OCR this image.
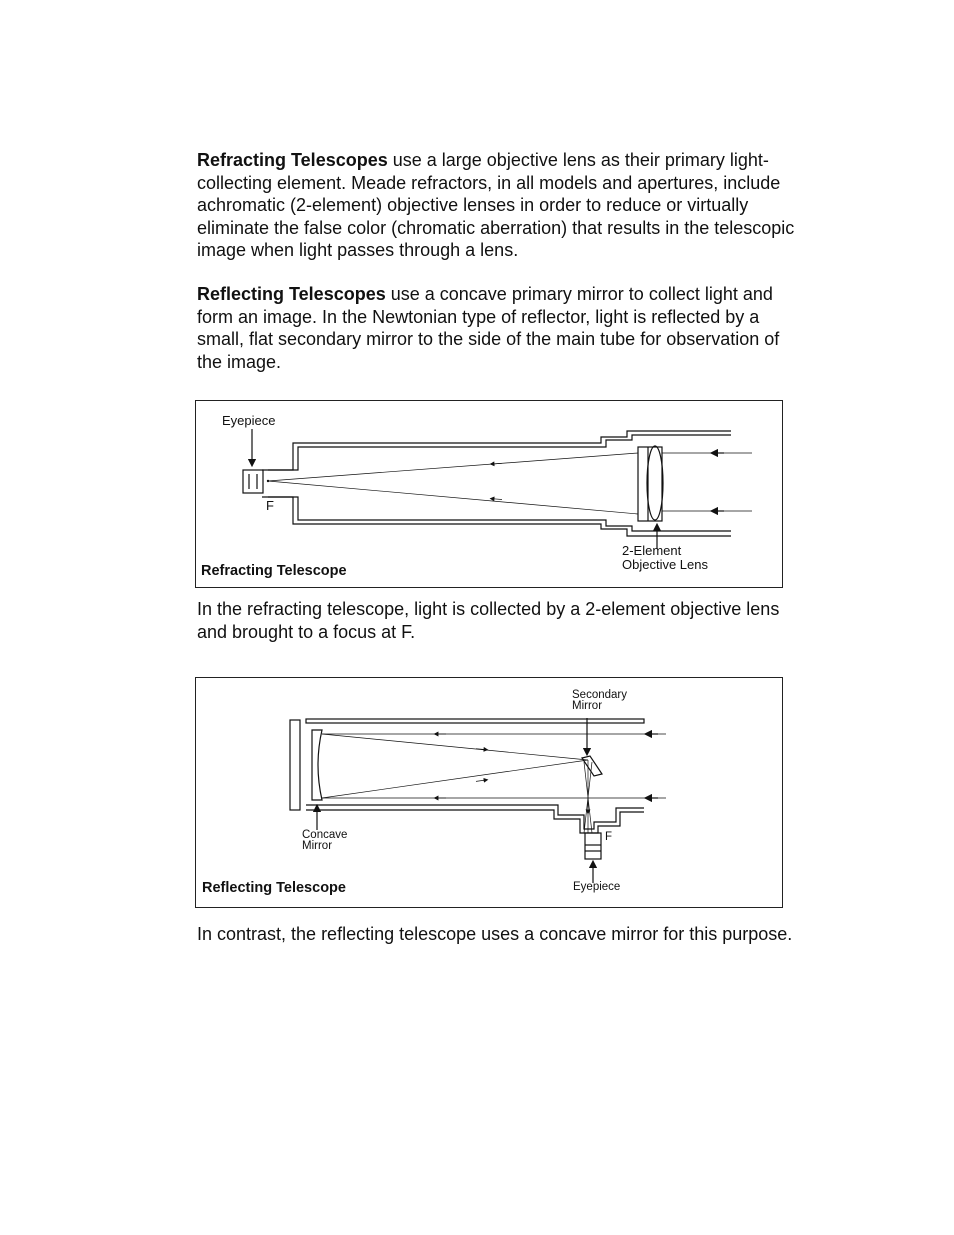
Refracting Telescopes use a large objective lens as their primary light-collecting element. Meade refractors, in all models and apertures, include achromatic (2-element) objective lenses in order to reduce or virtually eliminate the false color (chromatic aberration) that results in the telescopic image when light passes through a lens.
Reflecting Telescopes use a concave primary mirror to collect light and form an image. In the Newtonian type of reflector, light is reflected by a small, flat secondary mirror to the side of the main tube for observation of the image.
Eyepiece
F
2-Element
Objective Lens
Refracting Telescope
In the refracting telescope, light is collected by a 2-element objective lens and brought to a focus at F.
Secondary
Mirror
Concave
Mirror
F
Eyepiece
Reflecting Telescope
In contrast, the reflecting telescope uses a concave mirror for this purpose.
